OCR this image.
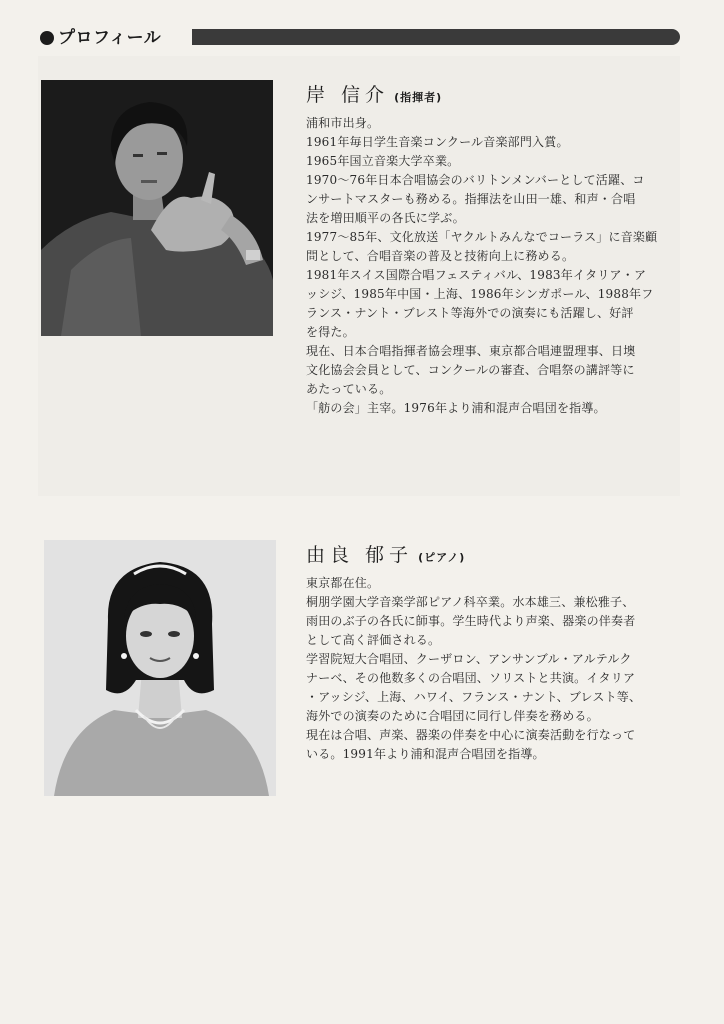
プロフィール
岸 信介 (指揮者)
浦和市出身。
1961年毎日学生音楽コンクール音楽部門入賞。
1965年国立音楽大学卒業。
1970～76年日本合唱協会のバリトンメンバーとして活躍、コ
ンサートマスターも務める。指揮法を山田一雄、和声・合唱
法を増田順平の各氏に学ぶ。
1977～85年、文化放送「ヤクルトみんなでコーラス」に音楽顧
問として、合唱音楽の普及と技術向上に務める。
1981年スイス国際合唱フェスティバル、1983年イタリア・ア
ッシジ、1985年中国・上海、1986年シンガポール、1988年フ
ランス・ナント・ブレスト等海外での演奏にも活躍し、好評
を得た。
現在、日本合唱指揮者協会理事、東京都合唱連盟理事、日墺
文化協会会員として、コンクールの審査、合唱祭の講評等に
あたっている。
「舫の会」主宰。1976年より浦和混声合唱団を指導。
由良 郁子 (ピアノ)
東京都在住。
桐朋学園大学音楽学部ピアノ科卒業。水本雄三、兼松雅子、
雨田のぶ子の各氏に師事。学生時代より声楽、器楽の伴奏者
として高く評価される。
学習院短大合唱団、クーザロン、アンサンブル・アルテルク
ナーベ、その他数多くの合唱団、ソリストと共演。イタリア
・アッシジ、上海、ハワイ、フランス・ナント、ブレスト等、
海外での演奏のために合唱団に同行し伴奏を務める。
現在は合唱、声楽、器楽の伴奏を中心に演奏活動を行なって
いる。1991年より浦和混声合唱団を指導。
